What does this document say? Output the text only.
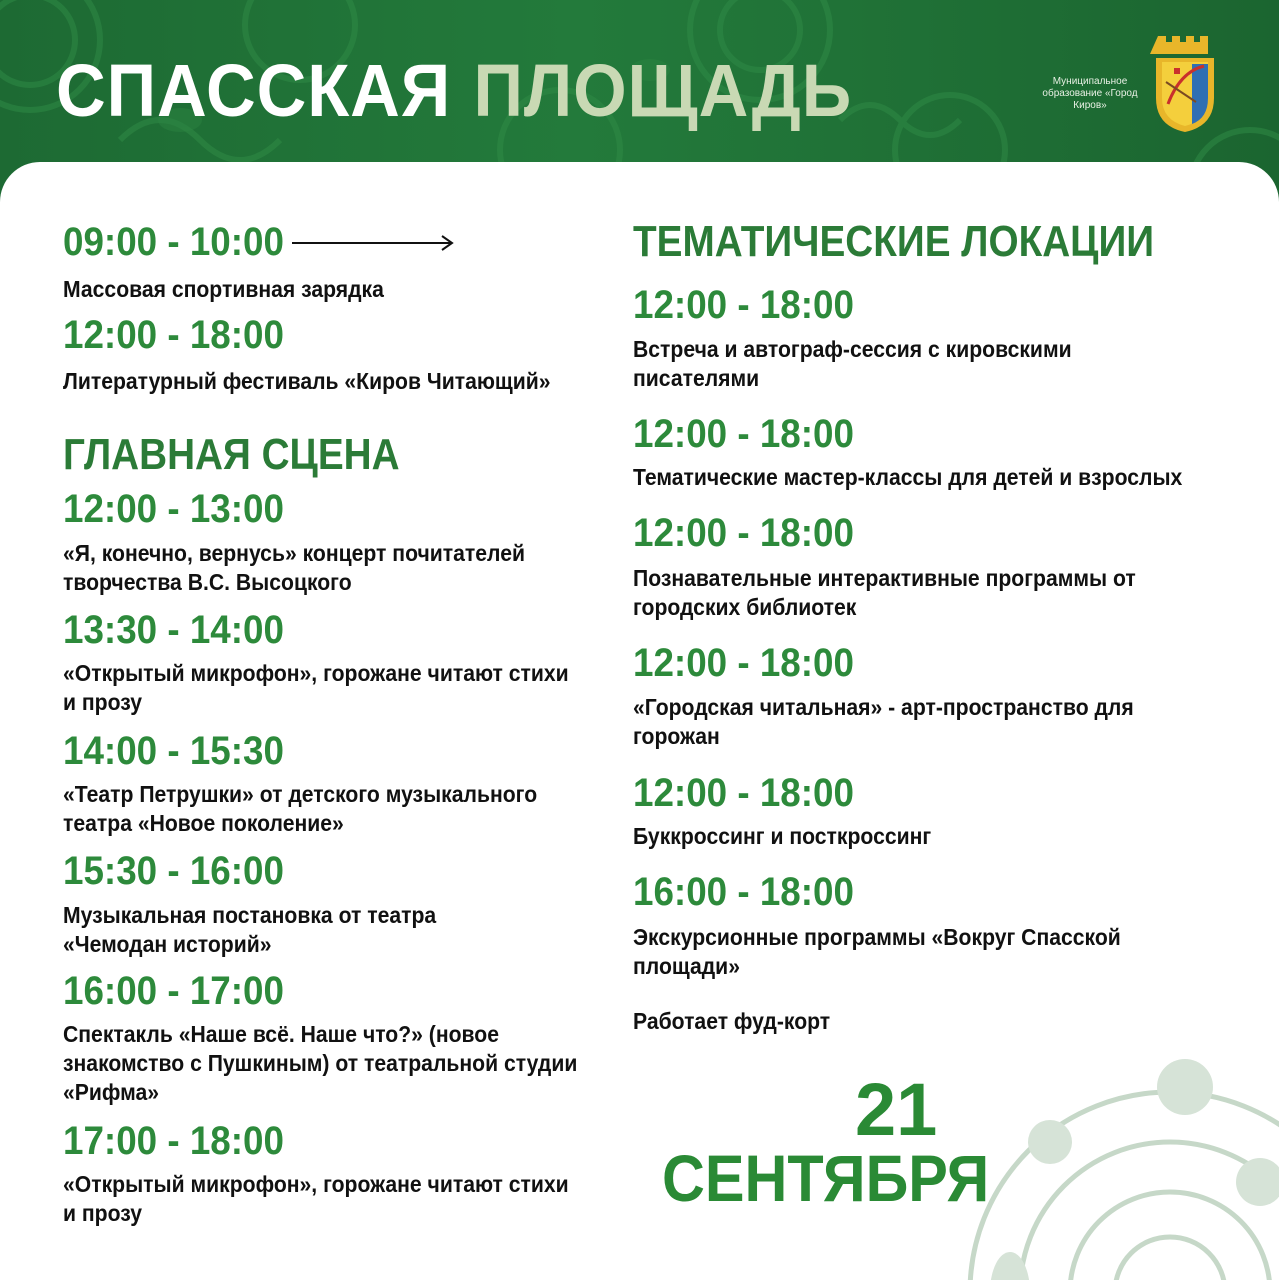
СПАССКАЯ ПЛОЩАДЬ	Муниципальное образование «Город Киров»
09:00 - 10:00
Массовая спортивная зарядка
12:00 - 18:00
Литературный фестиваль «Киров Читающий»
ГЛАВНАЯ СЦЕНА
12:00 - 13:00
«Я, конечно, вернусь» концерт почитателей творчества В.С. Высоцкого
13:30 - 14:00
«Открытый микрофон», горожане читают стихи и прозу
14:00 - 15:30
«Театр Петрушки» от детского музыкального театра «Новое поколение»
15:30 - 16:00
Музыкальная постановка от театра «Чемодан историй»
16:00 - 17:00
Спектакль «Наше всё. Наше что?» (новое знакомство с Пушкиным) от театральной студии «Рифма»
17:00 - 18:00
«Открытый микрофон», горожане читают стихи и прозу
ТЕМАТИЧЕСКИЕ ЛОКАЦИИ
12:00 - 18:00
Встреча и автограф-сессия с кировскими писателями
12:00 - 18:00
Тематические мастер-классы для детей и взрослых
12:00 - 18:00
Познавательные интерактивные программы от городских библиотек
12:00 - 18:00
«Городская читальная» - арт-пространство для горожан
12:00 - 18:00
Буккроссинг и посткроссинг
16:00 - 18:00
Экскурсионные программы «Вокруг Спасской площади»
Работает фуд-корт
21
СЕНТЯБРЯ
